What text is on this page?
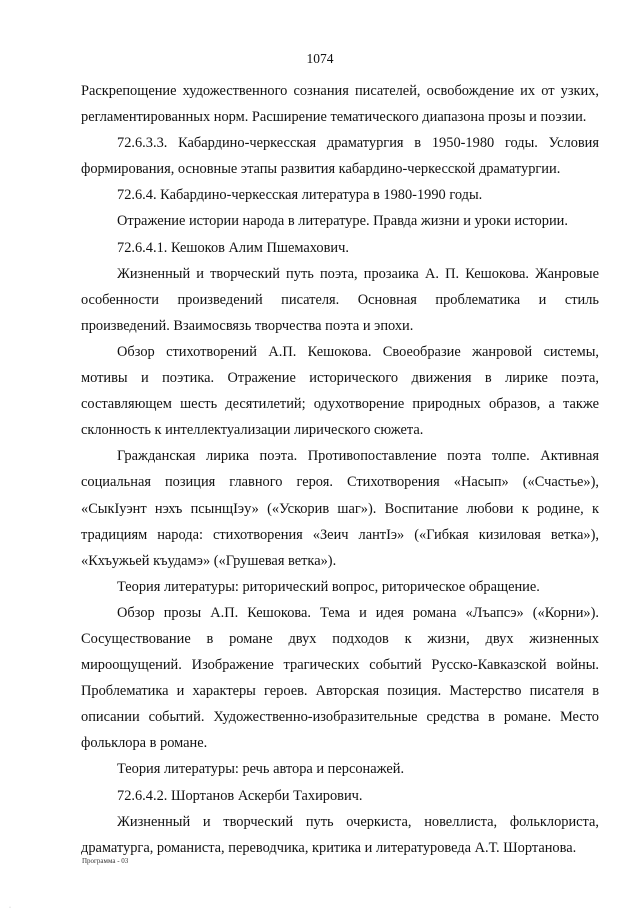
1074

Раскрепощение художественного сознания писателей, освобождение их от узких, регламентированных норм. Расширение тематического диапазона прозы и поэзии.

72.6.3.3. Кабардино-черкесская драматургия в 1950-1980 годы. Условия формирования, основные этапы развития кабардино-черкесской драматургии.

72.6.4. Кабардино-черкесская литература в 1980-1990 годы.

Отражение истории народа в литературе. Правда жизни и уроки истории.

72.6.4.1. Кешоков Алим Пшемахович.

Жизненный и творческий путь поэта, прозаика А. П. Кешокова. Жанровые особенности произведений писателя. Основная проблематика и стиль произведений. Взаимосвязь творчества поэта и эпохи.

Обзор стихотворений А.П. Кешокова. Своеобразие жанровой системы, мотивы и поэтика. Отражение исторического движения в лирике поэта, составляющем шесть десятилетий; одухотворение природных образов, а также склонность к интеллектуализации лирического сюжета.

Гражданская лирика поэта. Противопоставление поэта толпе. Активная социальная позиция главного героя. Стихотворения «Насып» («Счастье»), «СыкIуэнт нэхъ псынщIэу» («Ускорив шаг»). Воспитание любови к родине, к традициям народа: стихотворения «Зеич лантIэ» («Гибкая кизиловая ветка»), «Кхъужьей къудамэ» («Грушевая ветка»).

Теория литературы: риторический вопрос, риторическое обращение.

Обзор прозы А.П. Кешокова. Тема и идея романа «Лъапсэ» («Корни»). Сосуществование в романе двух подходов к жизни, двух жизненных мироощущений. Изображение трагических событий Русско-Кавказской войны. Проблематика и характеры героев. Авторская позиция. Мастерство писателя в описании событий. Художественно-изобразительные средства в романе. Место фольклора в романе.

Теория литературы: речь автора и персонажей.

72.6.4.2. Шортанов Аскерби Тахирович.

Жизненный и творческий путь очеркиста, новеллиста, фольклориста, драматурга, романиста, переводчика, критика и литературоведа А.Т. Шортанова.

Программа - 03
·
